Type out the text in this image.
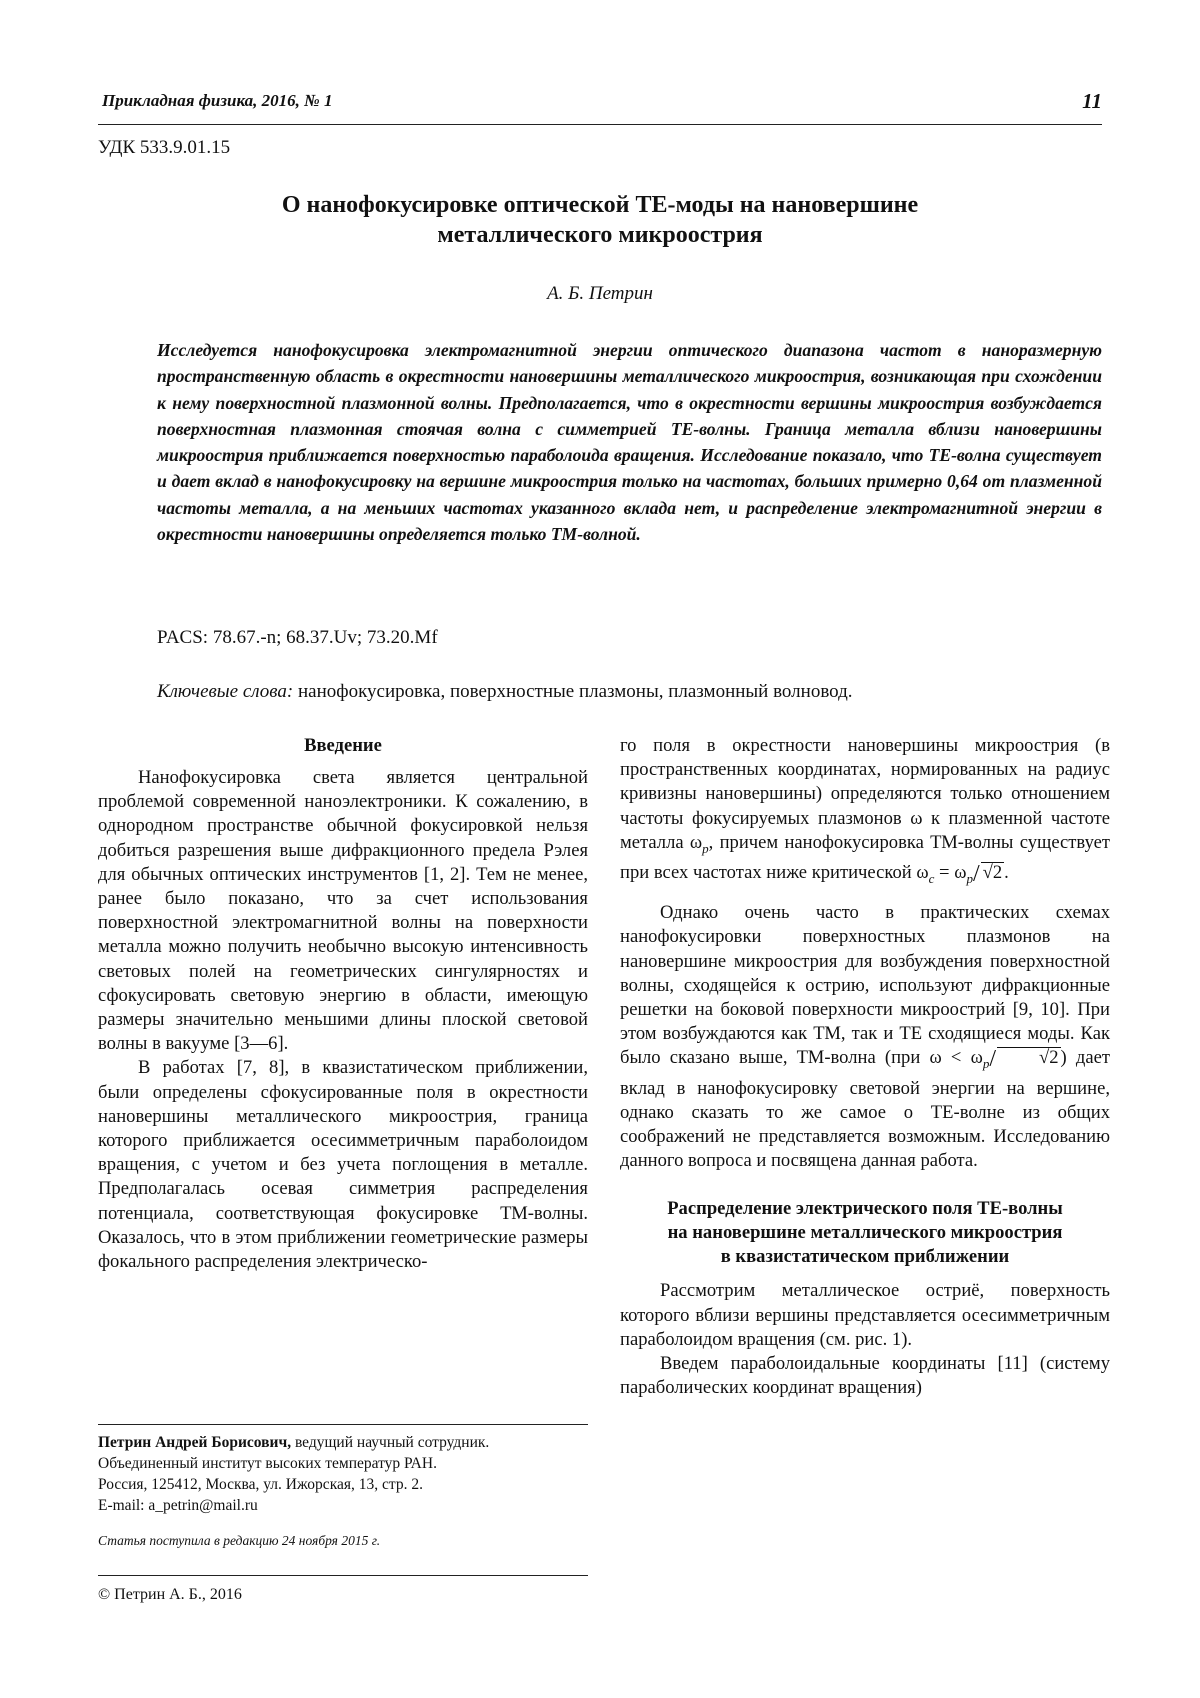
Прикладная физика, 2016, № 1	11
УДК 533.9.01.15
О нанофокусировке оптической ТЕ-моды на нановершине
металлического микроострия
А. Б. Петрин
Исследуется нанофокусировка электромагнитной энергии оптического диапазона частот в наноразмерную пространственную область в окрестности нановершины металлического микроострия, возникающая при схождении к нему поверхностной плазмонной волны. Предполагается, что в окрестности вершины микроострия возбуждается поверхностная плазмонная стоячая волна с симметрией ТЕ-волны. Граница металла вблизи нановершины микроострия приближается поверхностью параболоида вращения. Исследование показало, что ТЕ-волна существует и дает вклад в нанофокусировку на вершине микроострия только на частотах, больших примерно 0,64 от плазменной частоты металла, а на меньших частотах указанного вклада нет, и распределение электромагнитной энергии в окрестности нановершины определяется только ТМ-волной.
PACS: 78.67.-n; 68.37.Uv; 73.20.Mf
Ключевые слова: нанофокусировка, поверхностные плазмоны, плазмонный волновод.
Введение

Нанофокусировка света является центральной проблемой современной наноэлектроники. К сожалению, в однородном пространстве обычной фокусировкой нельзя добиться разрешения выше дифракционного предела Рэлея для обычных оптических инструментов [1, 2]. Тем не менее, ранее было показано, что за счет использования поверхностной электромагнитной волны на поверхности металла можно получить необычно высокую интенсивность световых полей на геометрических сингулярностях и сфокусировать световую энергию в области, имеющую размеры значительно меньшими длины плоской световой волны в вакууме [3—6].

В работах [7, 8], в квазистатическом приближении, были определены сфокусированные поля в окрестности нановершины металлического микроострия, граница которого приближается осесимметричным параболоидом вращения, с учетом и без учета поглощения в металле. Предполагалась осевая симметрия распределения потенциала, соответствующая фокусировке ТМ-волны. Оказалось, что в этом приближении геометрические размеры фокального распределения электрическо-

го поля в окрестности нановершины микроострия (в пространственных координатах, нормированных на радиус кривизны нановершины) определяются только отношением частоты фокусируемых плазмонов ω к плазменной частоте металла $\omega_p$, причем нанофокусировка ТМ-волны существует при всех частотах ниже критической $\omega_c = \omega_p/$ √2 .

Однако очень часто в практических схемах нанофокусировки поверхностных плазмонов на нановершине микроострия для возбуждения поверхностной волны, сходящейся к острию, используют дифракционные решетки на боковой поверхности микроострий [9, 10]. При этом возбуждаются как ТМ, так и ТЕ сходящиеся моды. Как было сказано выше, ТМ-волна (при $\omega < \omega_p/$ √2 ) дает вклад в нанофокусировку световой энергии на вершине, однако сказать то же самое о ТЕ-волне из общих соображений не представляется возможным. Исследованию данного вопроса и посвящена данная работа.

Распределение электрического поля ТЕ-волны
на нановершине металлического микроострия
в квазистатическом приближении

Рассмотрим металлическое остриё, поверхность которого вблизи вершины представляется осесимметричным параболоидом вращения (см. рис. 1).

Введем параболоидальные координаты [11] (систему параболических координат вращения)

Петрин Андрей Борисович, ведущий научный сотрудник.
Объединенный институт высоких температур РАН.
Россия, 125412, Москва, ул. Ижорская, 13, стр. 2.
E-mail: a_petrin@mail.ru
Статья поступила в редакцию 24 ноября 2015 г.
© Петрин А. Б., 2016
